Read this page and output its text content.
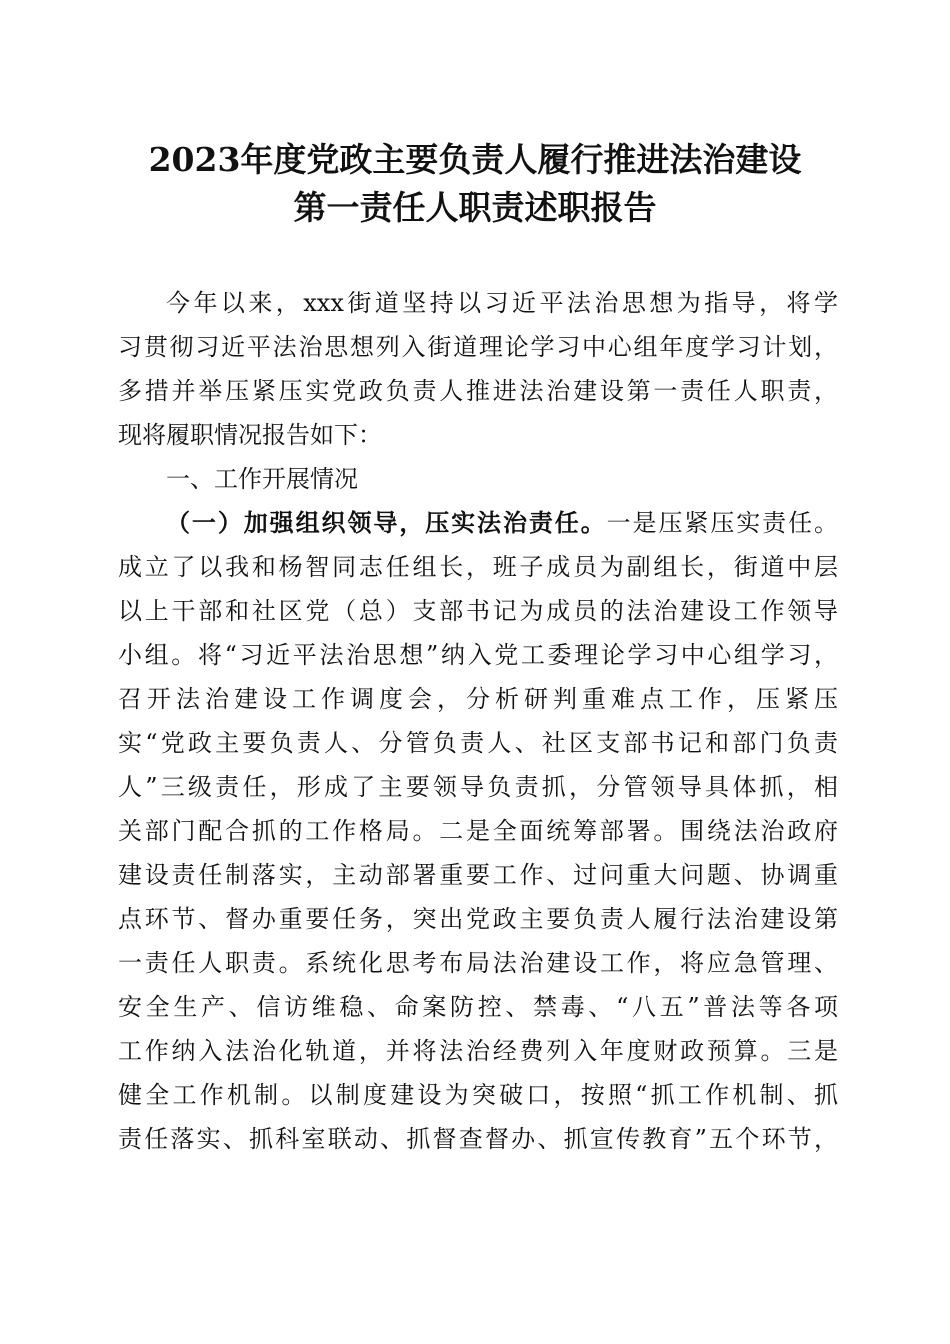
2023年度党政主要负责人履行推进法治建设
第一责任人职责述职报告
今年以来，xxx街道坚持以习近平法治思想为指导，将学
习贯彻习近平法治思想列入街道理论学习中心组年度学习计划，
多措并举压紧压实党政负责人推进法治建设第一责任人职责，
现将履职情况报告如下：
一、工作开展情况
（一）加强组织领导，压实法治责任。一是压紧压实责任。
成立了以我和杨智同志任组长，班子成员为副组长，街道中层
以上干部和社区党（总）支部书记为成员的法治建设工作领导
小组。将“习近平法治思想”纳入党工委理论学习中心组学习，
召开法治建设工作调度会，分析研判重难点工作，压紧压
实“党政主要负责人、分管负责人、社区支部书记和部门负责
人”三级责任，形成了主要领导负责抓，分管领导具体抓，相
关部门配合抓的工作格局。二是全面统筹部署。围绕法治政府
建设责任制落实，主动部署重要工作、过问重大问题、协调重
点环节、督办重要任务，突出党政主要负责人履行法治建设第
一责任人职责。系统化思考布局法治建设工作，将应急管理、
安全生产、信访维稳、命案防控、禁毒、“八五”普法等各项
工作纳入法治化轨道，并将法治经费列入年度财政预算。三是
健全工作机制。以制度建设为突破口，按照“抓工作机制、抓
责任落实、抓科室联动、抓督查督办、抓宣传教育”五个环节，
